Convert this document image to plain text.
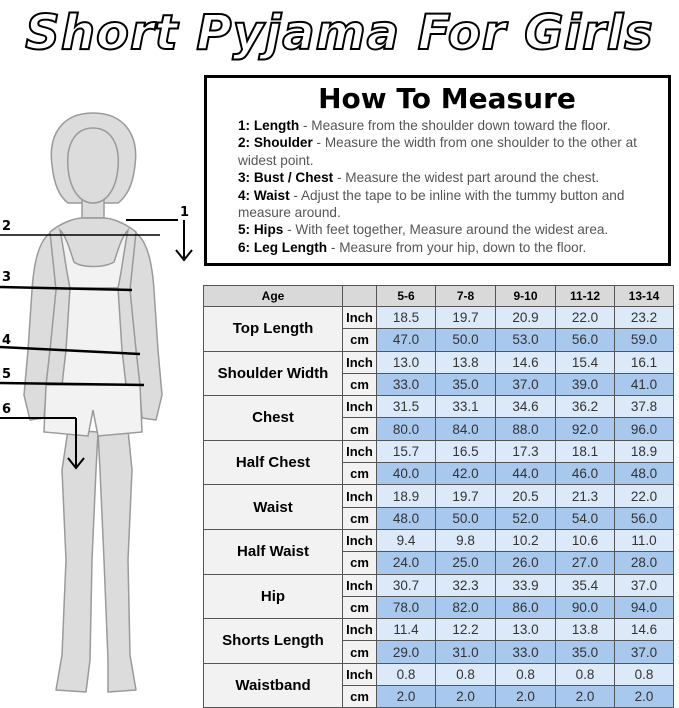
Short Pyjama For Girls
1
2
3
4
5
6
How To Measure
1: Length - Measure from the shoulder down toward the floor.
2: Shoulder - Measure the width from one shoulder to the other at widest point.
3: Bust / Chest - Measure the widest part around the chest.
4: Waist - Adjust the tape to be inline with the tummy button and measure around.
5: Hips - With feet together, Measure around the widest area.
6: Leg Length - Measure from your hip, down to the floor.
Age		5-6	7-8	9-10	11-12	13-14
Top Length	Inch	18.5	19.7	20.9	22.0	23.2
	cm	47.0	50.0	53.0	56.0	59.0
Shoulder Width	Inch	13.0	13.8	14.6	15.4	16.1
	cm	33.0	35.0	37.0	39.0	41.0
Chest	Inch	31.5	33.1	34.6	36.2	37.8
	cm	80.0	84.0	88.0	92.0	96.0
Half Chest	Inch	15.7	16.5	17.3	18.1	18.9
	cm	40.0	42.0	44.0	46.0	48.0
Waist	Inch	18.9	19.7	20.5	21.3	22.0
	cm	48.0	50.0	52.0	54.0	56.0
Half Waist	Inch	9.4	9.8	10.2	10.6	11.0
	cm	24.0	25.0	26.0	27.0	28.0
Hip	Inch	30.7	32.3	33.9	35.4	37.0
	cm	78.0	82.0	86.0	90.0	94.0
Shorts Length	Inch	11.4	12.2	13.0	13.8	14.6
	cm	29.0	31.0	33.0	35.0	37.0
Waistband	Inch	0.8	0.8	0.8	0.8	0.8
	cm	2.0	2.0	2.0	2.0	2.0
